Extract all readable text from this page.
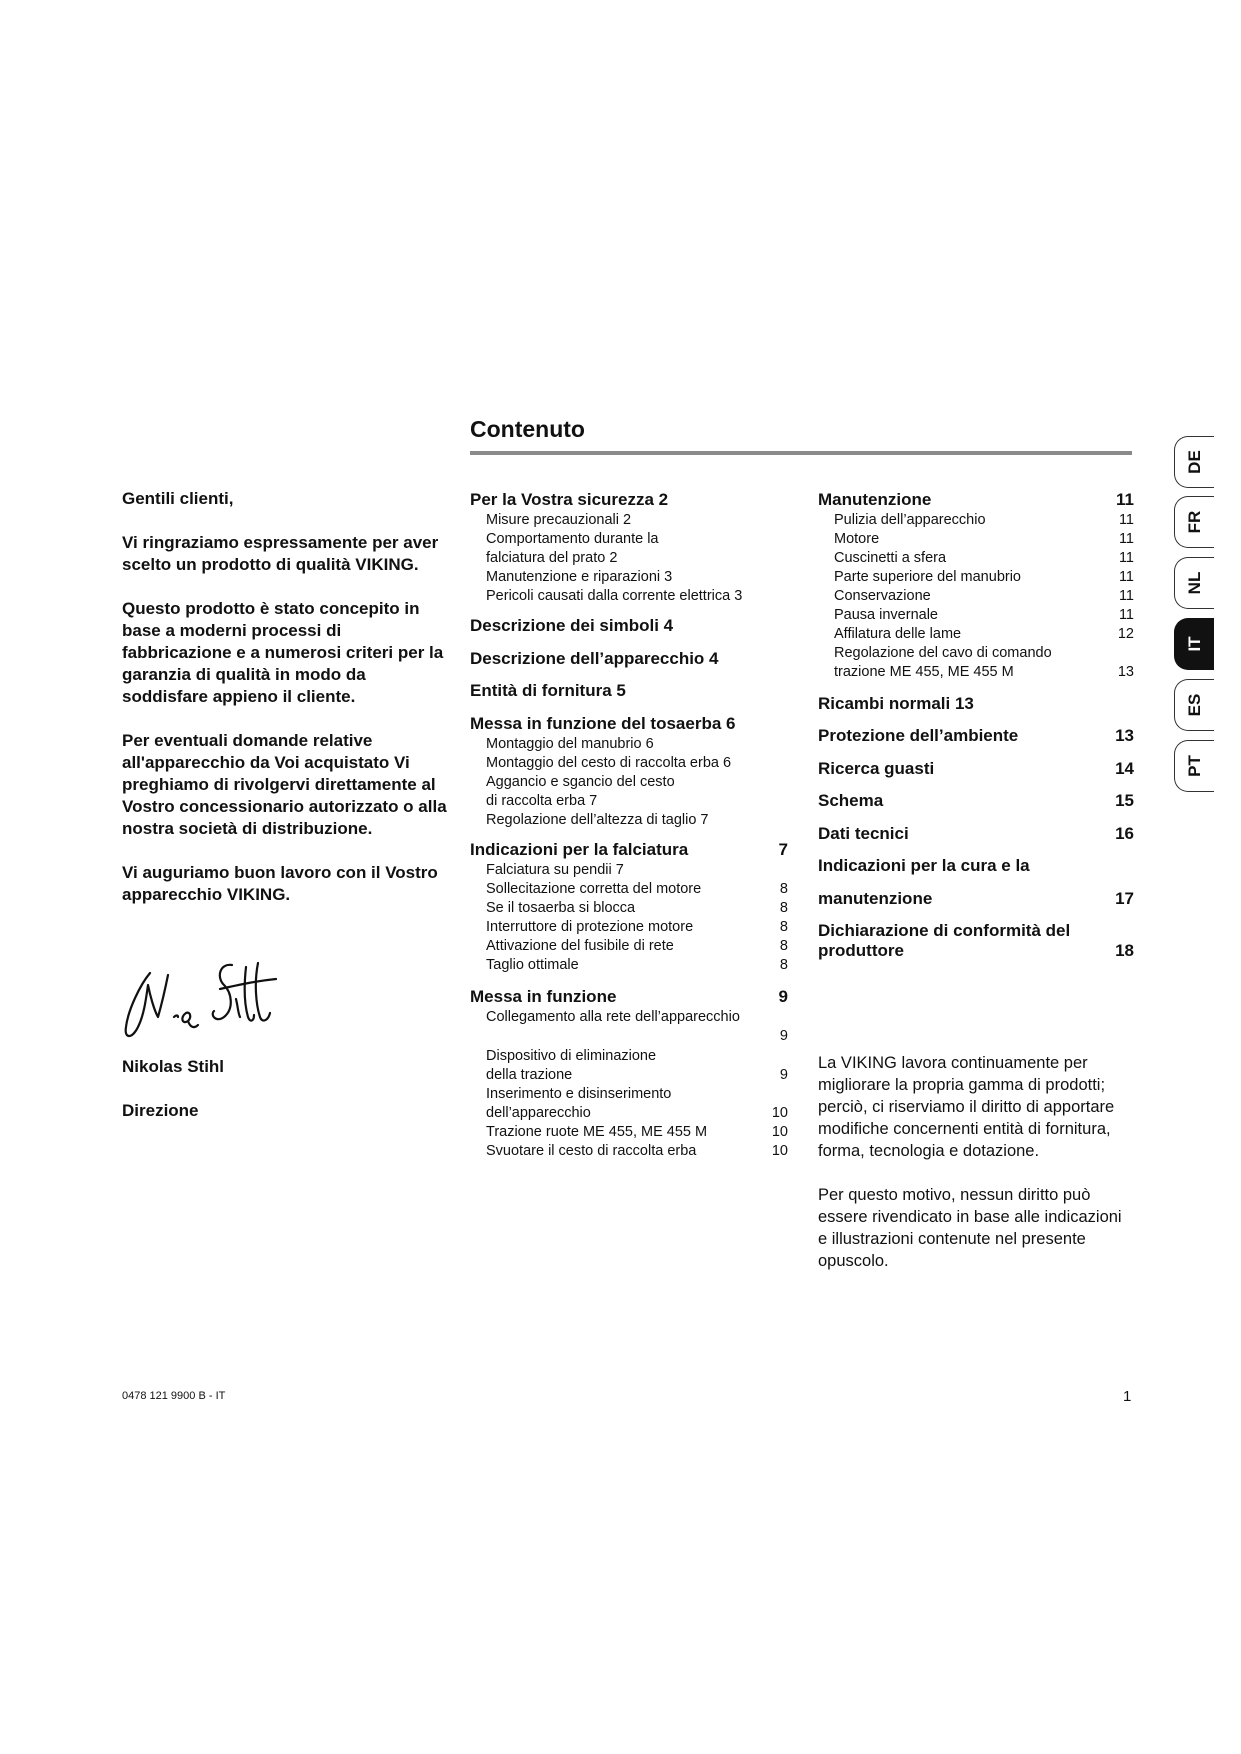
Contenuto

Gentili clienti,

Vi ringraziamo espressamente per aver scelto un prodotto di qualità VIKING.

Questo prodotto è stato concepito in base a moderni processi di fabbricazione e a numerosi criteri per la garanzia di qualità in modo da soddisfare appieno il cliente.

Per eventuali domande relative all'apparecchio da Voi acquistato Vi preghiamo di rivolgervi direttamente al Vostro concessionario autorizzato o alla nostra società di distribuzione.

Vi auguriamo buon lavoro con il Vostro apparecchio VIKING.

Nikolas Stihl

Direzione

Per la Vostra sicurezza 2
Misure precauzionali 2
Comportamento durante la
falciatura del prato 2
Manutenzione e riparazioni 3
Pericoli causati dalla corrente elettrica 3
Descrizione dei simboli 4
Descrizione dell’apparecchio 4
Entità di fornitura 5
Messa in funzione del tosaerba 6
Montaggio del manubrio 6
Montaggio del cesto di raccolta erba 6
Aggancio e sgancio del cesto
di raccolta erba 7
Regolazione dell’altezza di taglio 7
Indicazioni per la falciatura	7
Falciatura su pendii 7
Sollecitazione corretta del motore	8
Se il tosaerba si blocca	8
Interruttore di protezione motore	8
Attivazione del fusibile di rete	8
Taglio ottimale	8
Messa in funzione	9
Collegamento alla rete dell’apparecchio
9
Dispositivo di eliminazione
della trazione	9
Inserimento e disinserimento
dell’apparecchio	10
Trazione ruote ME 455, ME 455 M	10
Svuotare il cesto di raccolta erba	10
Manutenzione	11
Pulizia dell’apparecchio	11
Motore	11
Cuscinetti a sfera	11
Parte superiore del manubrio	11
Conservazione	11
Pausa invernale	11
Affilatura delle lame	12
Regolazione del cavo di comando
trazione ME 455, ME 455 M	13
Ricambi normali 13
Protezione dell’ambiente	13
Ricerca guasti	14
Schema	15
Dati tecnici	16
Indicazioni per la cura e la
manutenzione	17
Dichiarazione di conformità del
produttore	18

La VIKING lavora continuamente per migliorare la propria gamma di prodotti; perciò, ci riserviamo il diritto di apportare modifiche concernenti entità di fornitura, forma, tecnologia e dotazione.

Per questo motivo, nessun diritto può essere rivendicato in base alle indicazioni e illustrazioni contenute nel presente opuscolo.

0478 121 9900 B - IT	1
DE
FR
NL
IT
ES
PT
